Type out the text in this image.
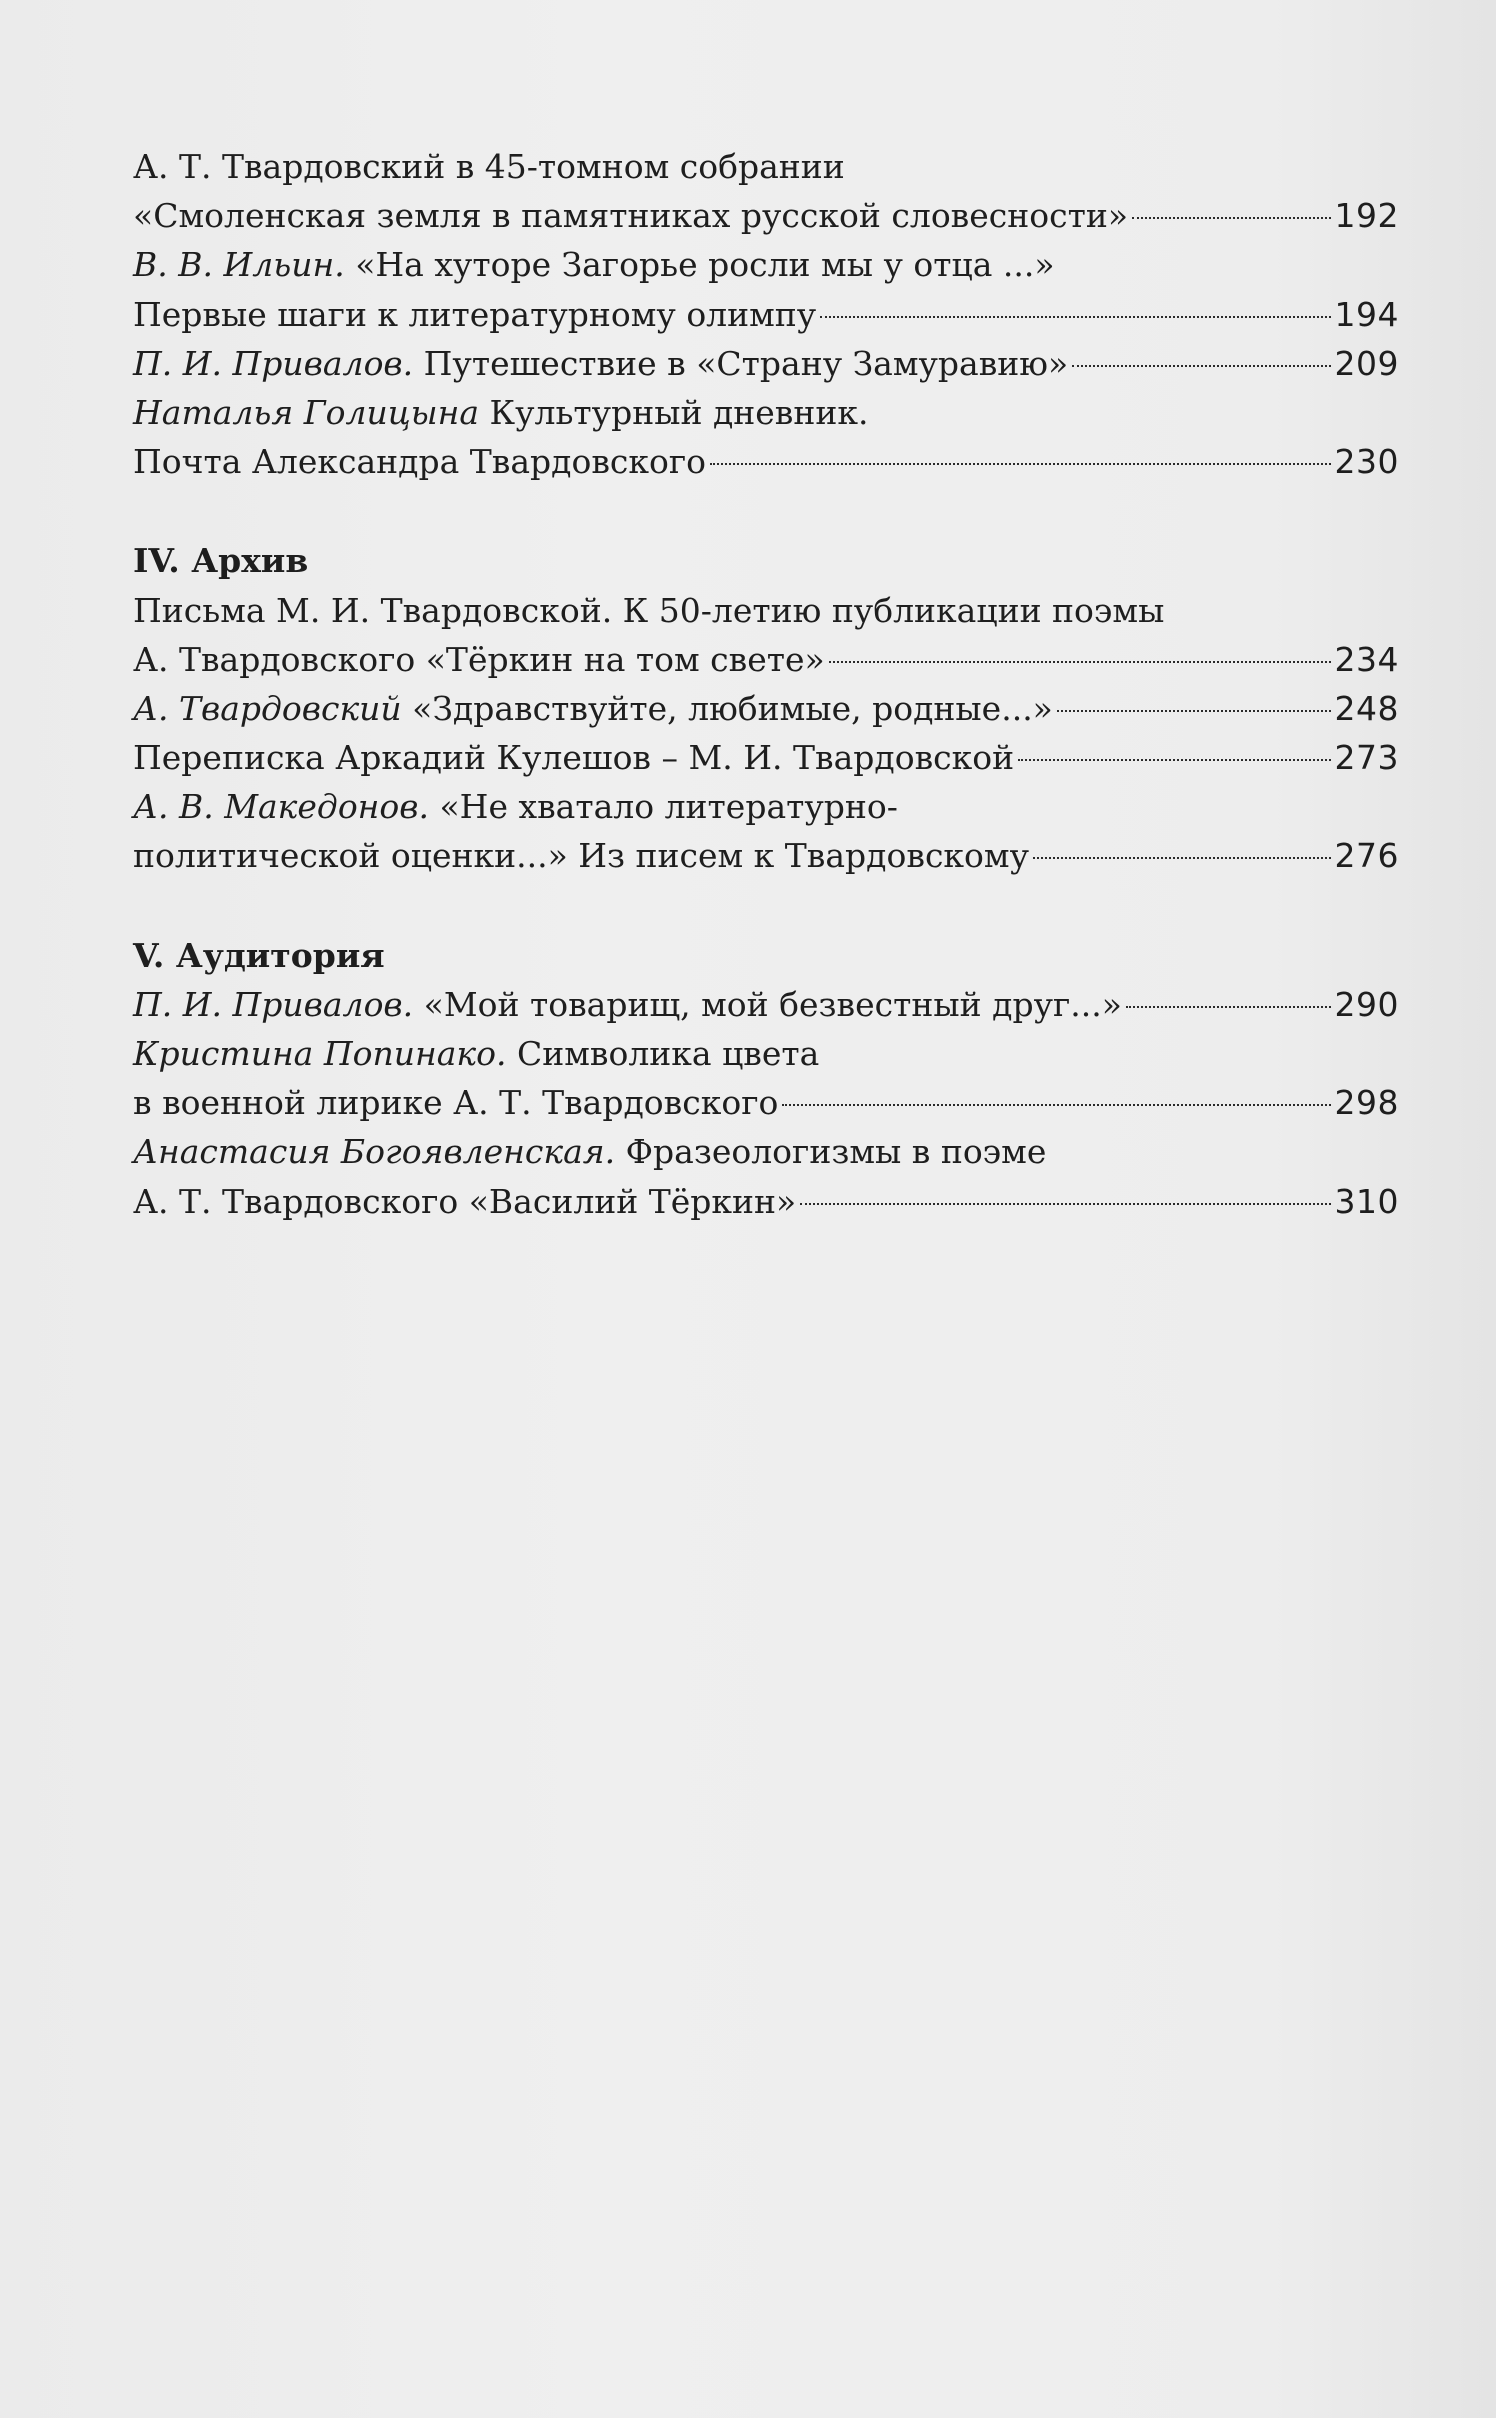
А. Т. Твардовский в 45-томном собрании
«Смоленская земля в памятниках русской словесности»	192
В. В. Ильин. «На хуторе Загорье росли мы у отца ...»
Первые шаги к литературному олимпу	194
П. И. Привалов. Путешествие в «Страну Замуравию»	209
Наталья Голицына Культурный дневник.
Почта Александра Твардовского	230
IV. Архив
Письма М. И. Твардовской. К 50-летию публикации поэмы
А. Твардовского «Тёркин на том свете»	234
А. Твардовский «Здравствуйте, любимые, родные...»	248
Переписка Аркадий Кулешов – М. И. Твардовской	273
А. В. Македонов. «Не хватало литературно-
политической оценки...» Из писем к Твардовскому	276
V. Аудитория
П. И. Привалов. «Мой товарищ, мой безвестный друг...»	290
Кристина Попинако. Символика цвета
в военной лирике А. Т. Твардовского	298
Анастасия Богоявленская. Фразеологизмы в поэме
А. Т. Твардовского «Василий Тёркин»	310
